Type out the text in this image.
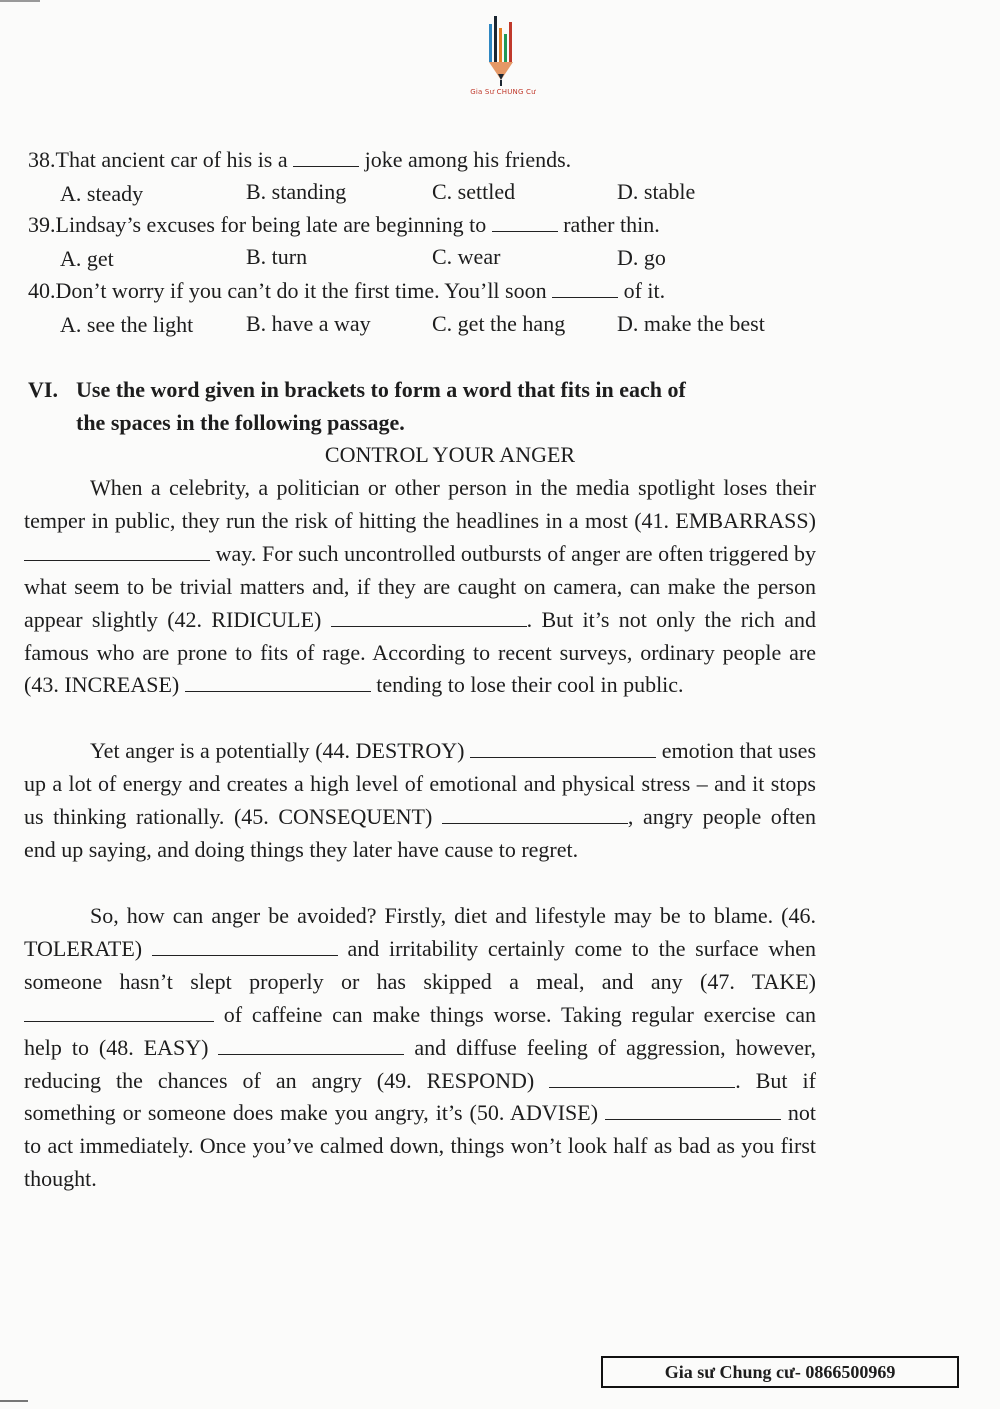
Gia Sư CHUNG Cư
38.That ancient car of his is a	joke among his friends.
A. steady	B. standing	C. settled	D. stable
39.Lindsay’s excuses for being late are beginning to	rather thin.
A. get	B. turn	C. wear	D. go
40.Don’t worry if you can’t do it the first time. You’ll soon	of it.
A. see the light B. have a way	C. get the hang D. make the best
VI. Use the word given in brackets to form a word that fits in each of
the spaces in the following passage.
CONTROL YOUR ANGER
When a celebrity, a politician or other person in the media spotlight loses their temper in public, they run the risk of hitting the headlines in a most (41. EMBARRASS)  way. For such uncontrolled outbursts of anger are often triggered by what seem to be trivial matters and, if they are caught on camera, can make the person appear slightly (42. RIDICULE)	. But it’s not only the rich and famous who are prone to fits of rage. According to recent surveys, ordinary people are (43. INCREASE)	tending to lose their cool in public.
Yet anger is a potentially (44. DESTROY)	emotion that uses up a lot of energy and creates a high level of emotional and physical stress – and it stops us thinking rationally. (45. CONSEQUENT)	, angry people often end up saying, and doing things they later have cause to regret.
So, how can anger be avoided? Firstly, diet and lifestyle may be to blame. (46. TOLERATE)	and irritability certainly come to the surface when someone hasn’t slept properly or has skipped a meal, and any (47. TAKE)  of caffeine can make things worse. Taking regular exercise can help to (48. EASY)	and diffuse feeling of aggression, however, reducing the chances of an angry (49. RESPOND)	. But if something or someone does make you angry, it’s (50. ADVISE)	not to act immediately. Once you’ve calmed down, things won’t look half as bad as you first thought.
Gia sư Chung cư- 0866500969
